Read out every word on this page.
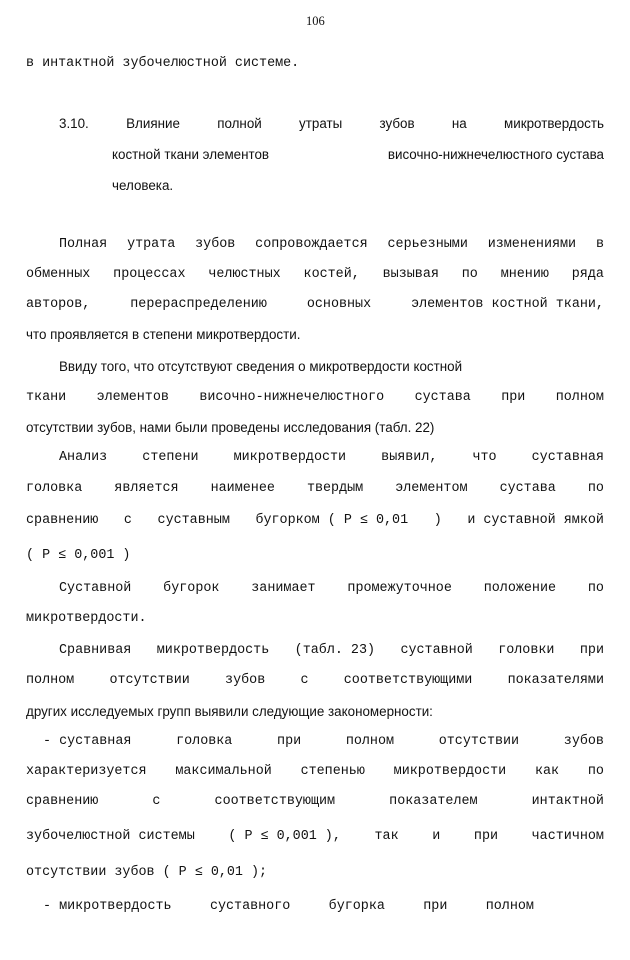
106
в интактной зубочелюстной системе.
3.10.	Влияние	полной	утраты	зубов	на	микротвердость
костной ткани элементов	височно-нижнечелюстного сустава
человека.
Полная утрата зубов сопровождается серьезными изменениями в
обменных процессах челюстных костей, вызывая по мнению ряда
авторов,	перераспределению	основных	элементов костной ткани,
что проявляется в степени микротвердости.
Ввиду того, что отсутствуют сведения о микротвердости костной
ткани элементов височно-нижнечелюстного сустава при полном
отсутствии зубов, нами были проведены исследования (табл. 22)
Анализ	степени	микротвердости	выявил,	что	суставная
головка является наименее твердым элементом сустава по
сравнению с суставным бугорком ( P ≤ 0,01 ) и суставной ямкой
( P ≤ 0,001 )
Суставной бугорок занимает промежуточное положение по
микротвердости.
Сравнивая микротвердость (табл. 23) суставной головки при
полном	отсутствии	зубов	с	соответствующими	показателями
других исследуемых групп выявили следующие закономерности:
- суставная	головка	при	полном	отсутствии	зубов
характеризуется максимальной степенью микротвердости как по
сравнению	с	соответствующим	показателем	интактной
зубочелюстной системы	( P ≤ 0,001 ),	так	и	при	частичном
отсутствии зубов ( P ≤ 0,01 );
- микротвердость	суставного	бугорка	при	полном
